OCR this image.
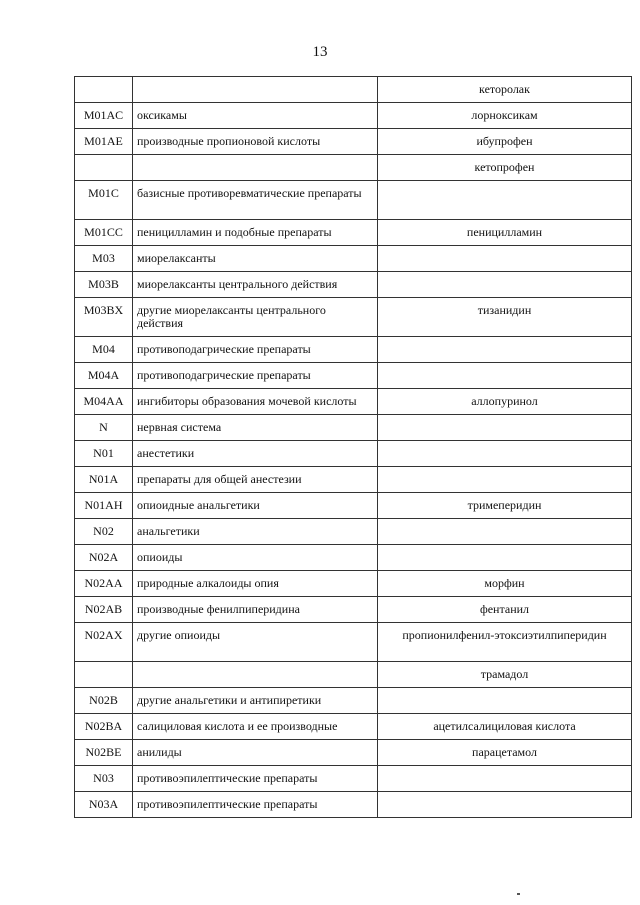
13
		кеторолак
M01AC	оксикамы	лорноксикам
M01AE	производные пропионовой кислоты	ибупрофен
		кетопрофен
M01C	базисные противоревматические препараты	
M01CC	пеницилламин и подобные препараты	пеницилламин
M03	миорелаксанты	
M03B	миорелаксанты центрального действия	
M03BX	другие миорелаксанты центрального действия	тизанидин
M04	противоподагрические препараты	
M04A	противоподагрические препараты	
M04AA	ингибиторы образования мочевой кислоты	аллопуринол
N	нервная система	
N01	анестетики	
N01A	препараты для общей анестезии	
N01AH	опиоидные анальгетики	тримеперидин
N02	анальгетики	
N02A	опиоиды	
N02AA	природные алкалоиды опия	морфин
N02AB	производные фенилпиперидина	фентанил
N02AX	другие опиоиды	пропионилфенил-этоксиэтилпиперидин
		трамадол
N02B	другие анальгетики и антипиретики	
N02BA	салициловая кислота и ее производные	ацетилсалициловая кислота
N02BE	анилиды	парацетамол
N03	противоэпилептические препараты	
N03A	противоэпилептические препараты	
